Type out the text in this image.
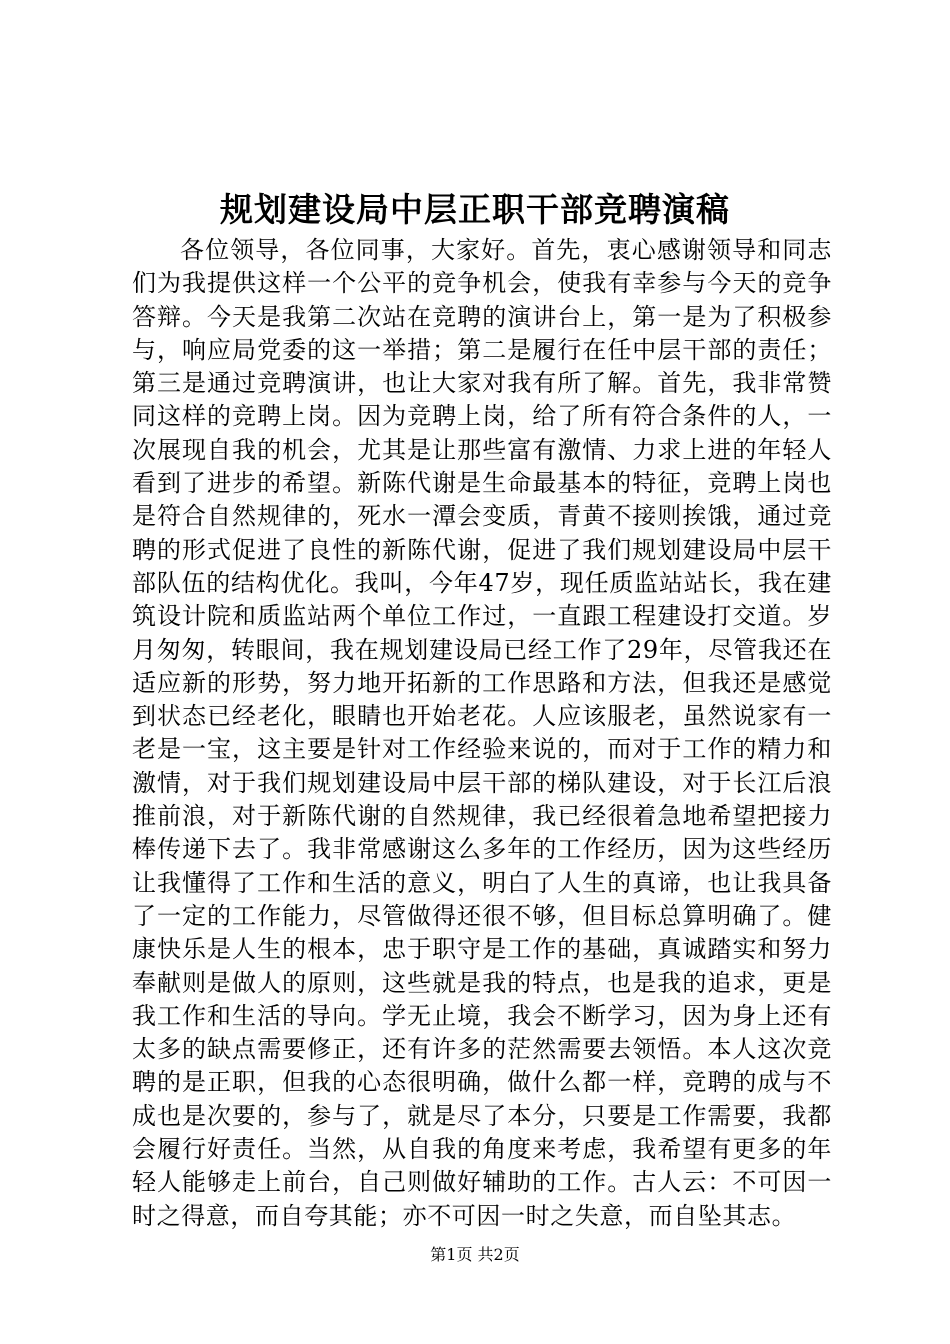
规划建设局中层正职干部竞聘演稿

各位领导，各位同事，大家好。首先，衷心感谢领导和同志们为我提供这样一个公平的竞争机会，使我有幸参与今天的竞争答辩。今天是我第二次站在竞聘的演讲台上，第一是为了积极参与，响应局党委的这一举措；第二是履行在任中层干部的责任；第三是通过竞聘演讲，也让大家对我有所了解。首先，我非常赞同这样的竞聘上岗。因为竞聘上岗，给了所有符合条件的人，一次展现自我的机会，尤其是让那些富有激情、力求上进的年轻人看到了进步的希望。新陈代谢是生命最基本的特征，竞聘上岗也是符合自然规律的，死水一潭会变质，青黄不接则挨饿，通过竞聘的形式促进了良性的新陈代谢，促进了我们规划建设局中层干部队伍的结构优化。我叫，今年47岁，现任质监站站长，我在建筑设计院和质监站两个单位工作过，一直跟工程建设打交道。岁月匆匆，转眼间，我在规划建设局已经工作了29年，尽管我还在适应新的形势，努力地开拓新的工作思路和方法，但我还是感觉到状态已经老化，眼睛也开始老花。人应该服老，虽然说家有一老是一宝，这主要是针对工作经验来说的，而对于工作的精力和激情，对于我们规划建设局中层干部的梯队建设，对于长江后浪推前浪，对于新陈代谢的自然规律，我已经很着急地希望把接力棒传递下去了。我非常感谢这么多年的工作经历，因为这些经历让我懂得了工作和生活的意义，明白了人生的真谛，也让我具备了一定的工作能力，尽管做得还很不够，但目标总算明确了。健康快乐是人生的根本，忠于职守是工作的基础，真诚踏实和努力奉献则是做人的原则，这些就是我的特点，也是我的追求，更是我工作和生活的导向。学无止境，我会不断学习，因为身上还有太多的缺点需要修正，还有许多的茫然需要去领悟。本人这次竞聘的是正职，但我的心态很明确，做什么都一样，竞聘的成与不成也是次要的，参与了，就是尽了本分，只要是工作需要，我都会履行好责任。当然，从自我的角度来考虑，我希望有更多的年轻人能够走上前台，自己则做好辅助的工作。古人云：不可因一时之得意，而自夸其能；亦不可因一时之失意，而自坠其志。

第1页 共2页
